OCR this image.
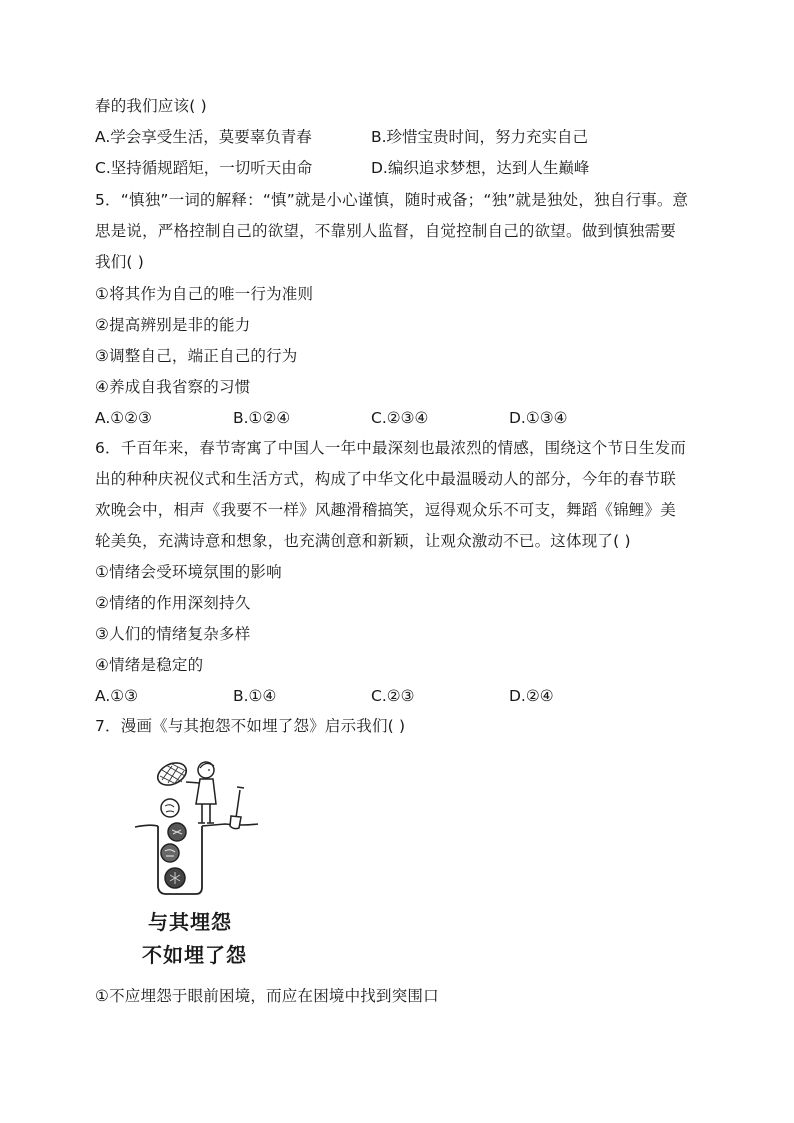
春的我们应该( )
A.学会享受生活，莫要辜负青春	B.珍惜宝贵时间，努力充实自己
C.坚持循规蹈矩，一切听天由命	D.编织追求梦想，达到人生巅峰
5．“慎独”一词的解释：“慎”就是小心谨慎，随时戒备；“独”就是独处，独自行事。意
思是说，严格控制自己的欲望，不靠别人监督，自觉控制自己的欲望。做到慎独需要
我们( )
①将其作为自己的唯一行为准则
②提高辨别是非的能力
③调整自己，端正自己的行为
④养成自我省察的习惯
A.①②③	B.①②④	C.②③④	D.①③④
6．千百年来，春节寄寓了中国人一年中最深刻也最浓烈的情感，围绕这个节日生发而
出的种种庆祝仪式和生活方式，构成了中华文化中最温暖动人的部分，今年的春节联
欢晚会中，相声《我要不一样》风趣滑稽搞笑，逗得观众乐不可支，舞蹈《锦鲤》美
轮美奂，充满诗意和想象，也充满创意和新颖，让观众激动不已。这体现了( )
①情绪会受环境氛围的影响
②情绪的作用深刻持久
③人们的情绪复杂多样
④情绪是稳定的
A.①③	B.①④	C.②③	D.②④
7．漫画《与其抱怨不如埋了怨》启示我们( )
与其埋怨
不如埋了怨
①不应埋怨于眼前困境，而应在困境中找到突围口
